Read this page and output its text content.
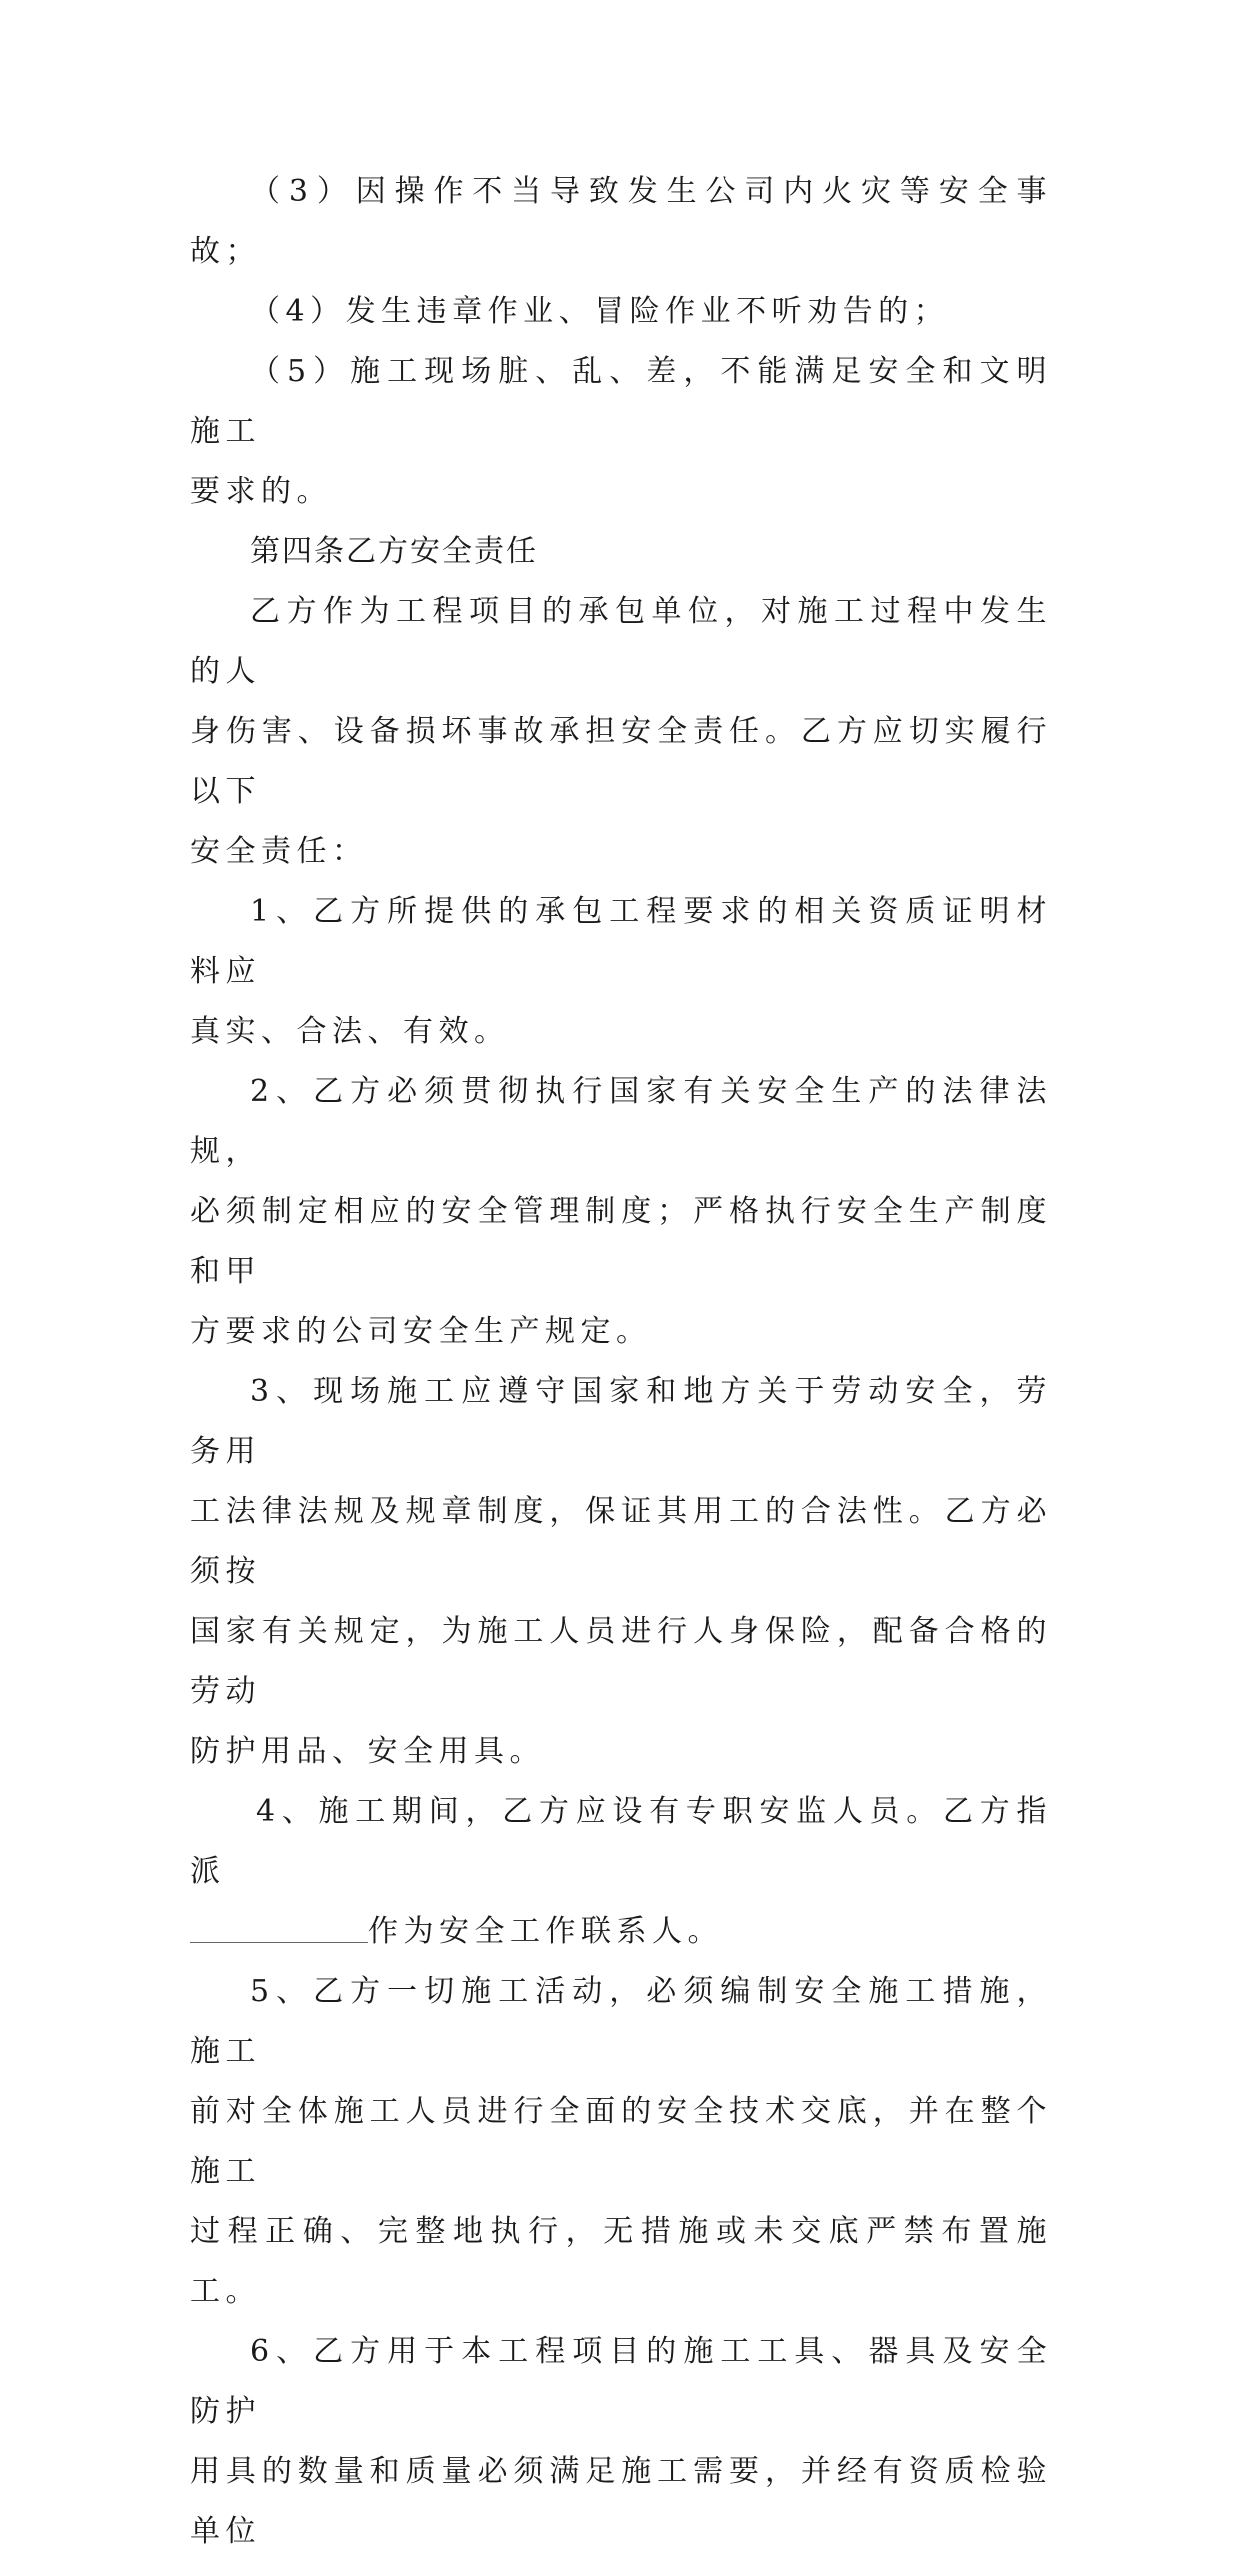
（3）因操作不当导致发生公司内火灾等安全事故；

（4）发生违章作业、冒险作业不听劝告的；

（5）施工现场脏、乱、差，不能满足安全和文明施工
要求的。

第四条乙方安全责任

乙方作为工程项目的承包单位，对施工过程中发生的人
身伤害、设备损坏事故承担安全责任。乙方应切实履行以下
安全责任：

1、乙方所提供的承包工程要求的相关资质证明材料应
真实、合法、有效。

2、乙方必须贯彻执行国家有关安全生产的法律法规，
必须制定相应的安全管理制度；严格执行安全生产制度和甲
方要求的公司安全生产规定。

3、现场施工应遵守国家和地方关于劳动安全，劳务用
工法律法规及规章制度，保证其用工的合法性。乙方必须按
国家有关规定，为施工人员进行人身保险，配备合格的劳动
防护用品、安全用具。

4、施工期间，乙方应设有专职安监人员。乙方指派
作为安全工作联系人。

5、乙方一切施工活动，必须编制安全施工措施，施工
前对全体施工人员进行全面的安全技术交底，并在整个施工
过程正确、完整地执行，无措施或未交底严禁布置施工。

6、乙方用于本工程项目的施工工具、器具及安全防护
用具的数量和质量必须满足施工需要，并经有资质检验单位
